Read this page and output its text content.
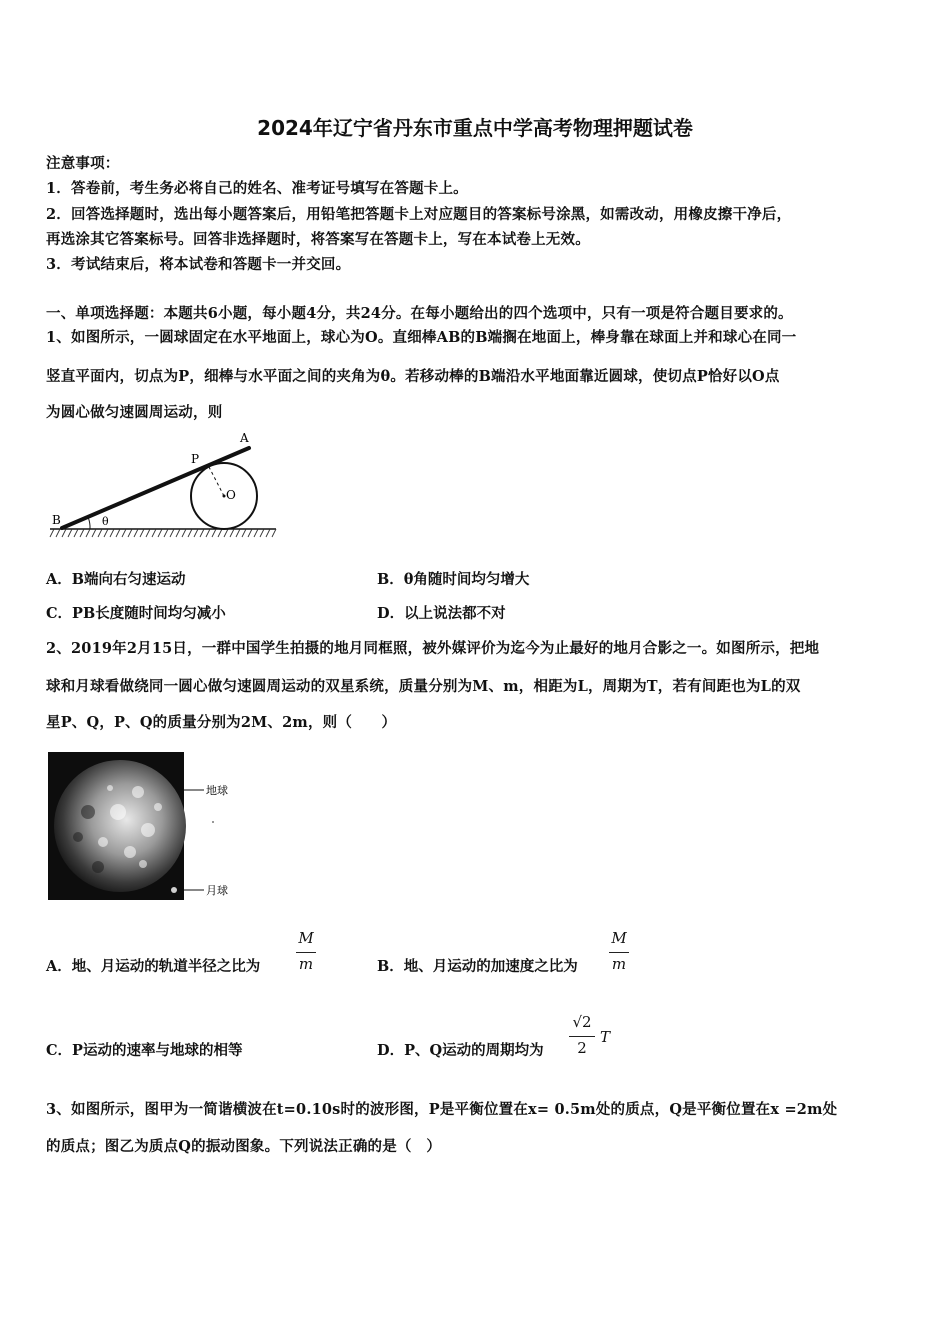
2024年辽宁省丹东市重点中学高考物理押题试卷
注意事项：
1．答卷前，考生务必将自己的姓名、准考证号填写在答题卡上。
2．回答选择题时，选出每小题答案后，用铅笔把答题卡上对应题目的答案标号涂黑，如需改动，用橡皮擦干净后，
再选涂其它答案标号。回答非选择题时，将答案写在答题卡上，写在本试卷上无效。
3．考试结束后，将本试卷和答题卡一并交回。
一、单项选择题：本题共6小题，每小题4分，共24分。在每小题给出的四个选项中，只有一项是符合题目要求的。
1、如图所示，一圆球固定在水平地面上，球心为O。直细棒AB的B端搁在地面上，棒身靠在球面上并和球心在同一
竖直平面内，切点为P，细棒与水平面之间的夹角为θ。若移动棒的B端沿水平地面靠近圆球，使切点P恰好以O点
为圆心做匀速圆周运动，则
A
P
O
B	θ
A．B端向右匀速运动	B．θ角随时间均匀增大
C．PB长度随时间均匀减小	D．以上说法都不对
2、2019年2月15日，一群中国学生拍摄的地月同框照，被外媒评价为迄今为止最好的地月合影之一。如图所示，把地
球和月球看做绕同一圆心做匀速圆周运动的双星系统，质量分别为M、m，相距为L，周期为T，若有间距也为L的双
星P、Q，P、Q的质量分别为2M、2m，则（　　）
地球
月球
A．地、月运动的轨道半径之比为
M
m	B．地、月运动的加速度之比为
M
m
C．P运动的速率与地球的相等	D．P、Q运动的周期均为
√2
2
T
3、如图所示，图甲为一简谐横波在t=0.10s时的波形图，P是平衡位置在x= 0.5m处的质点，Q是平衡位置在x =2m处
的质点；图乙为质点Q的振动图象。下列说法正确的是（　）
